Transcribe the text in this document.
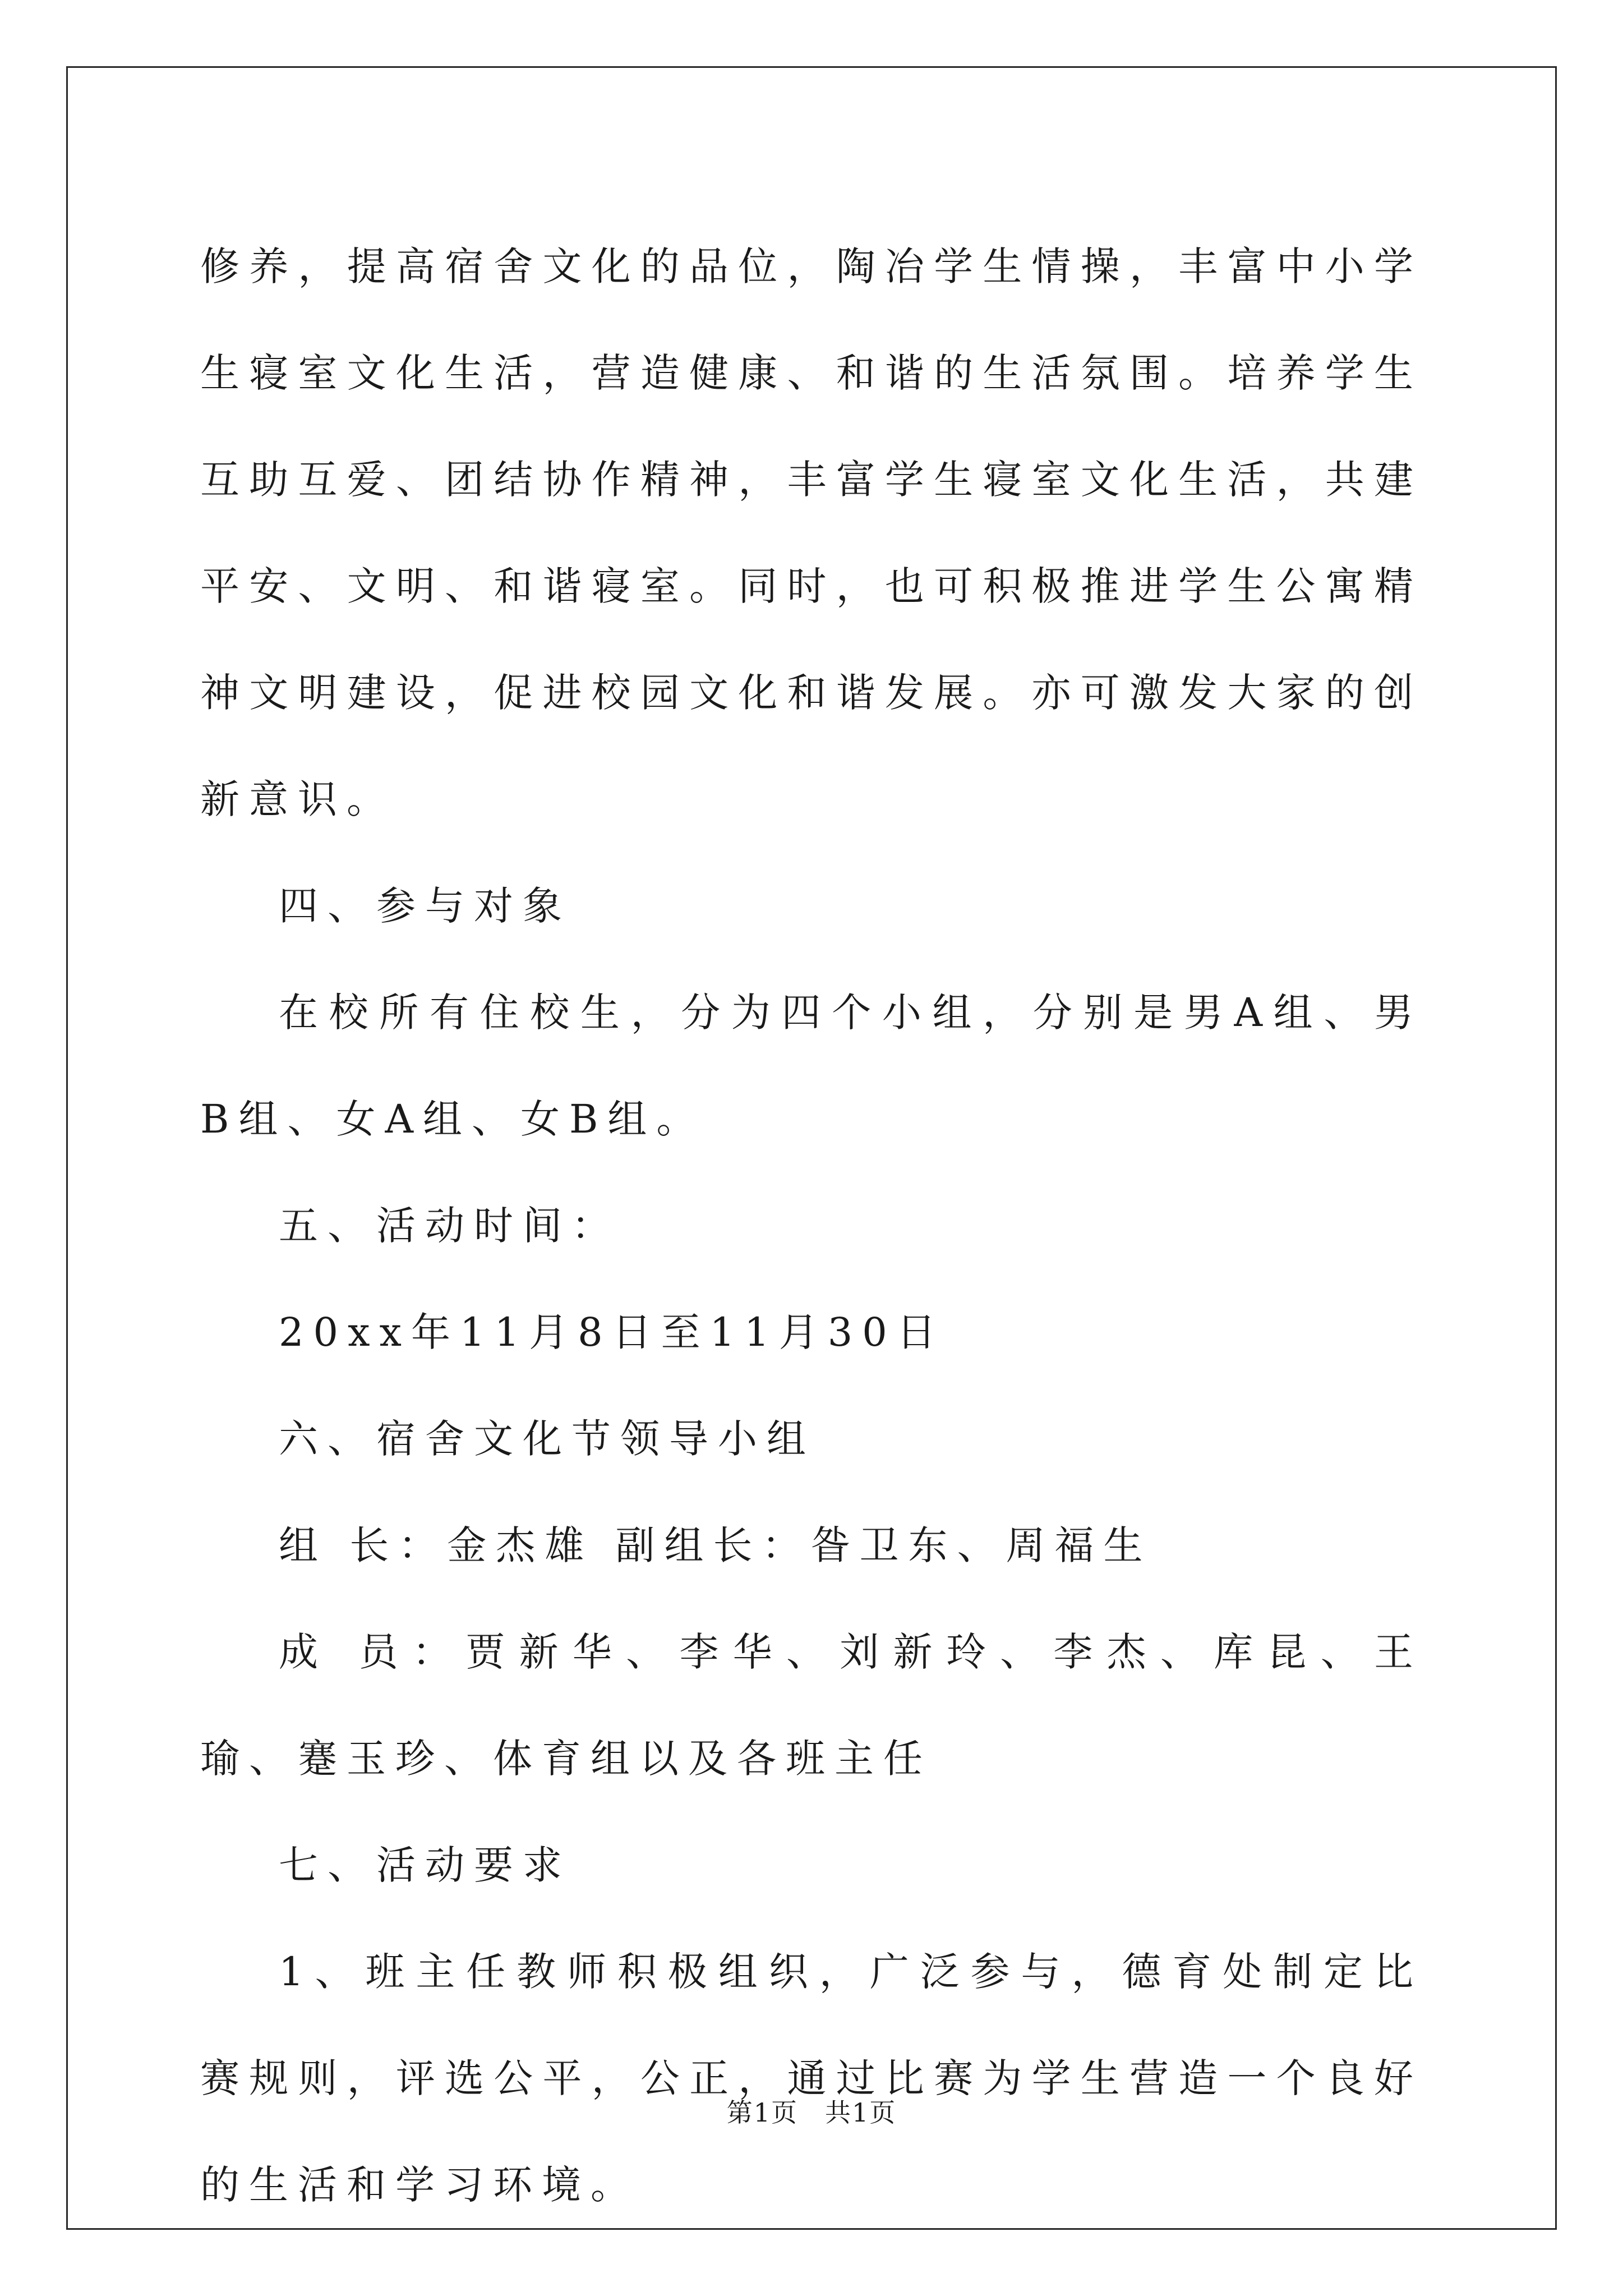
修养，提高宿舍文化的品位，陶冶学生情操，丰富中小学生寝室文化生活，营造健康、和谐的生活氛围。培养学生互助互爱、团结协作精神，丰富学生寝室文化生活，共建平安、文明、和谐寝室。同时，也可积极推进学生公寓精神文明建设，促进校园文化和谐发展。亦可激发大家的创新意识。

四、参与对象

在校所有住校生，分为四个小组，分别是男A组、男B组、女A组、女B组。

五、活动时间：

20xx年11月8日至11月30日

六、宿舍文化节领导小组

组 长：金杰雄 副组长：昝卫东、周福生

成 员：贾新华、李华、刘新玲、李杰、库昆、王瑜、蹇玉珍、体育组以及各班主任

七、活动要求

1、班主任教师积极组织，广泛参与，德育处制定比赛规则，评选公平，公正，通过比赛为学生营造一个良好的生活和学习环境。

第1页　共1页
